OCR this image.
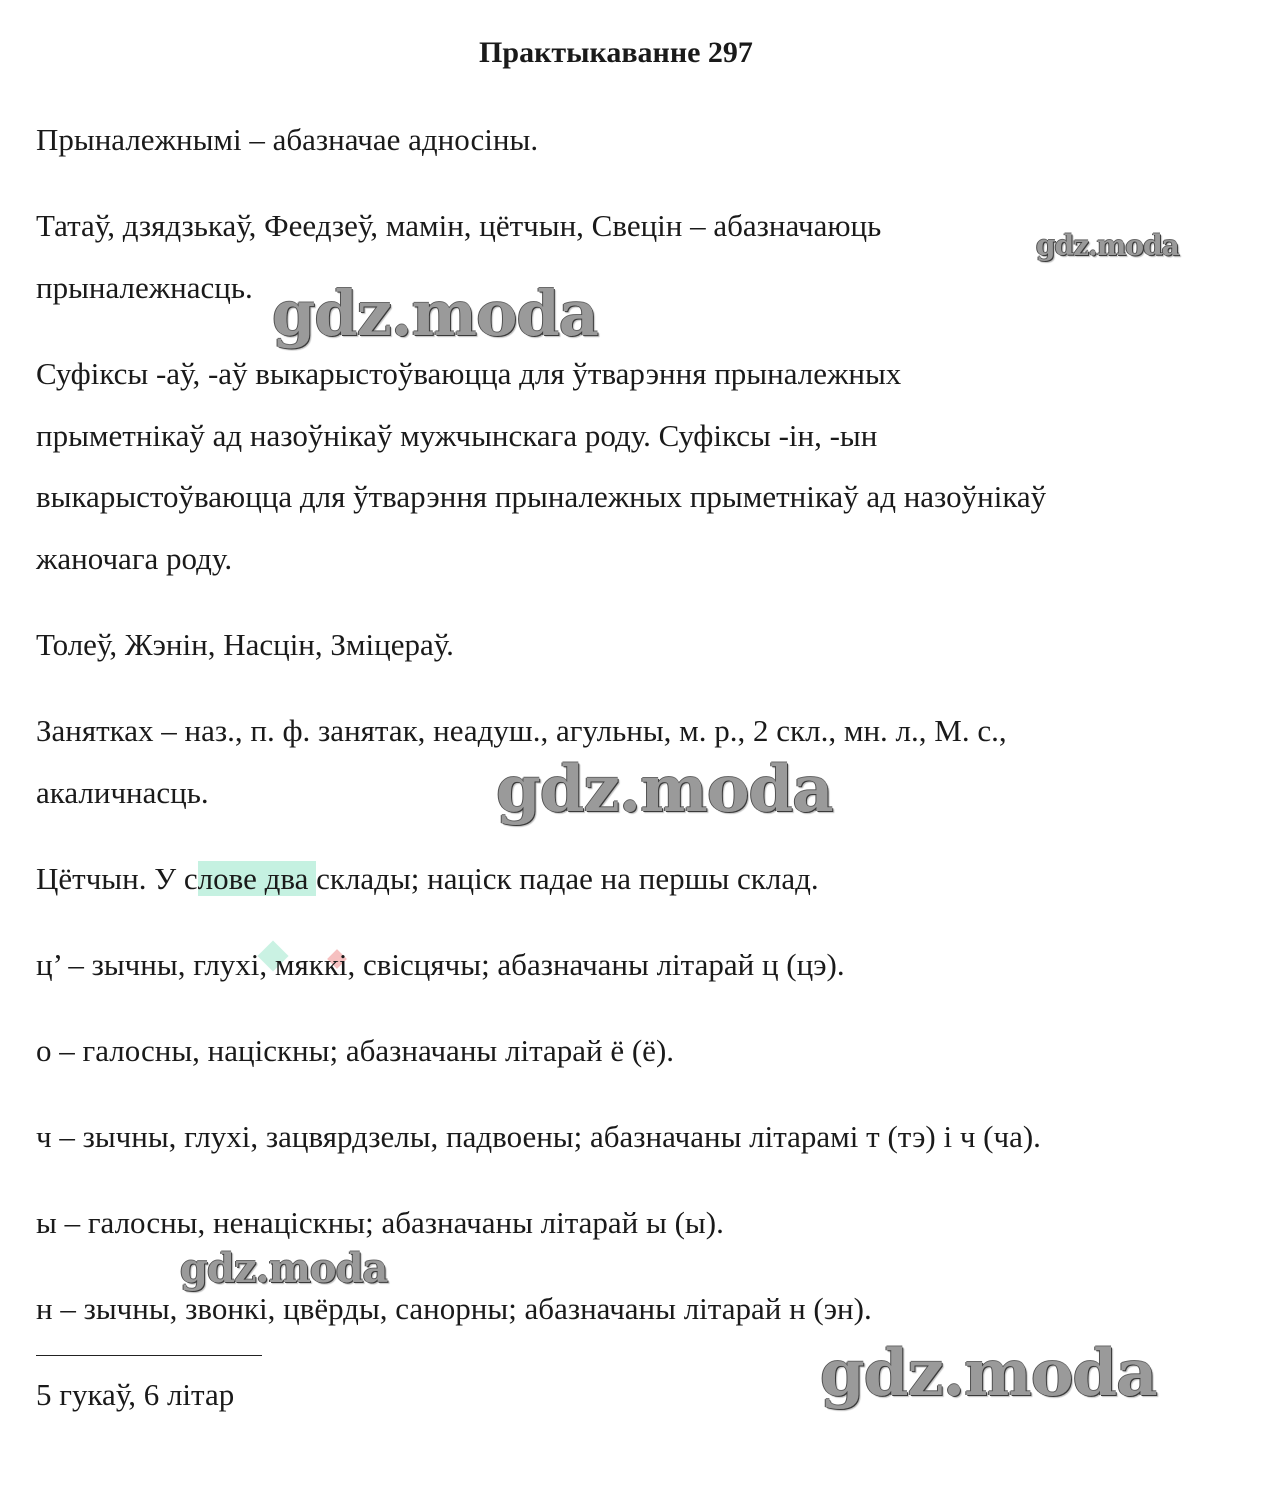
Практыкаванне 297
Прыналежнымі – абазначае адносіны.
Татаў, дзядзькаў, Феедзеў, мамін, цётчын, Свецін – абазначаюць
прыналежнасць.
Суфіксы -аў, -аў выкарыстоўваюцца для ўтварэння прыналежных
прыметнікаў ад назоўнікаў мужчынскага роду. Суфіксы -ін, -ын
выкарыстоўваюцца для ўтварэння прыналежных прыметнікаў ад назоўнікаў
жаночага роду.
Толеў, Жэнін, Насцін, Зміцераў.
Занятках – наз., п. ф. занятак, неадуш., агульны, м. р., 2 скл., мн. л., М. с.,
акаличнасць.
Цётчын. У слове два склады; націск падае на першы склад.
ц’ – зычны, глухі, мяккі, свісцячы; абазначаны літарай ц (цэ).
о – галосны, націскны; абазначаны літарай ё (ё).
ч – зычны, глухі, зацвярдзелы, падвоены; абазначаны літарамі т (тэ) і ч (ча).
ы – галосны, ненаціскны; абазначаны літарай ы (ы).
н – зычны, звонкі, цвёрды, санорны; абазначаны літарай н (эн).
5 гукаў, 6 літар
gdz.moda
gdz.moda
gdz.moda
gdz.moda
gdz.moda
